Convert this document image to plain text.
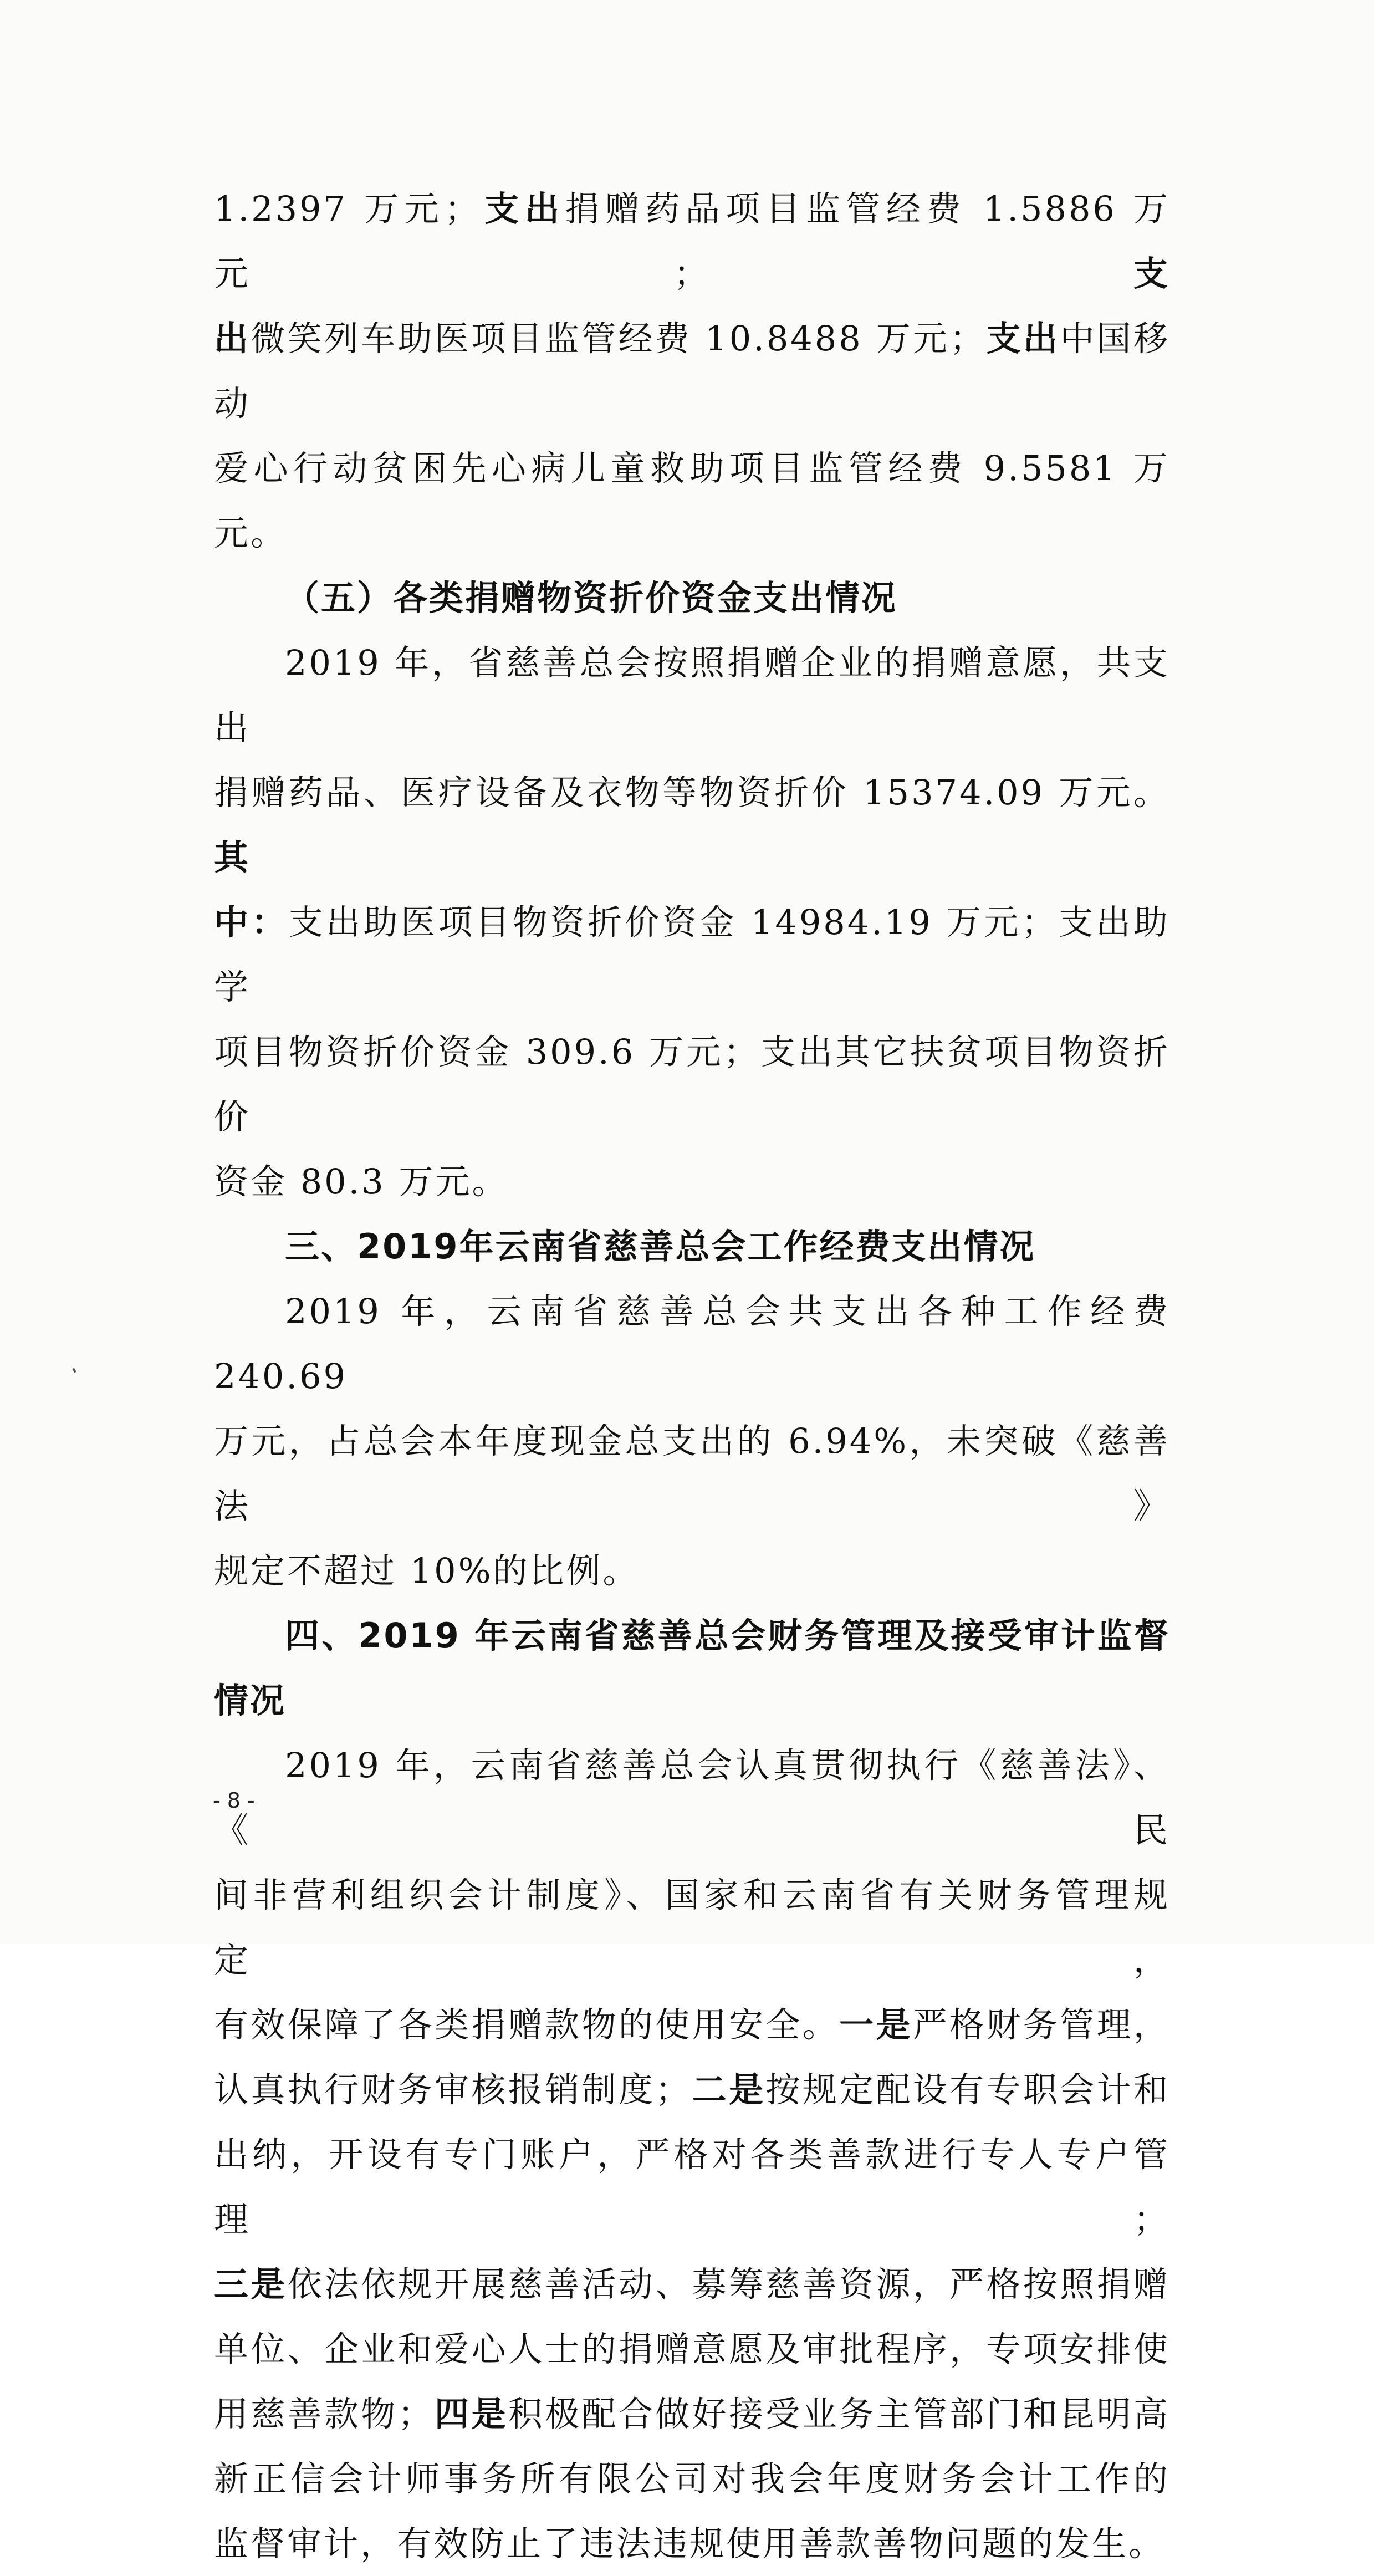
1.2397 万元；支出捐赠药品项目监管经费 1.5886 万元；支

出微笑列车助医项目监管经费 10.8488 万元；支出中国移动

爱心行动贫困先心病儿童救助项目监管经费 9.5581 万元。

（五）各类捐赠物资折价资金支出情况

2019 年，省慈善总会按照捐赠企业的捐赠意愿，共支出

捐赠药品、医疗设备及衣物等物资折价 15374.09 万元。其

中：支出助医项目物资折价资金 14984.19 万元；支出助学

项目物资折价资金 309.6 万元；支出其它扶贫项目物资折价

资金 80.3 万元。

三、2019年云南省慈善总会工作经费支出情况

2019 年，云南省慈善总会共支出各种工作经费 240.69

万元，占总会本年度现金总支出的 6.94%，未突破《慈善法》

规定不超过 10%的比例。

四、2019 年云南省慈善总会财务管理及接受审计监督情况

2019 年，云南省慈善总会认真贯彻执行《慈善法》、《民

间非营利组织会计制度》、国家和云南省有关财务管理规定，

有效保障了各类捐赠款物的使用安全。一是严格财务管理，

认真执行财务审核报销制度；二是按规定配设有专职会计和

出纳，开设有专门账户，严格对各类善款进行专人专户管理；

三是依法依规开展慈善活动、募筹慈善资源，严格按照捐赠

单位、企业和爱心人士的捐赠意愿及审批程序，专项安排使

用慈善款物；四是积极配合做好接受业务主管部门和昆明高

新正信会计师事务所有限公司对我会年度财务会计工作的

监督审计，有效防止了违法违规使用善款善物问题的发生。

- 8 -
